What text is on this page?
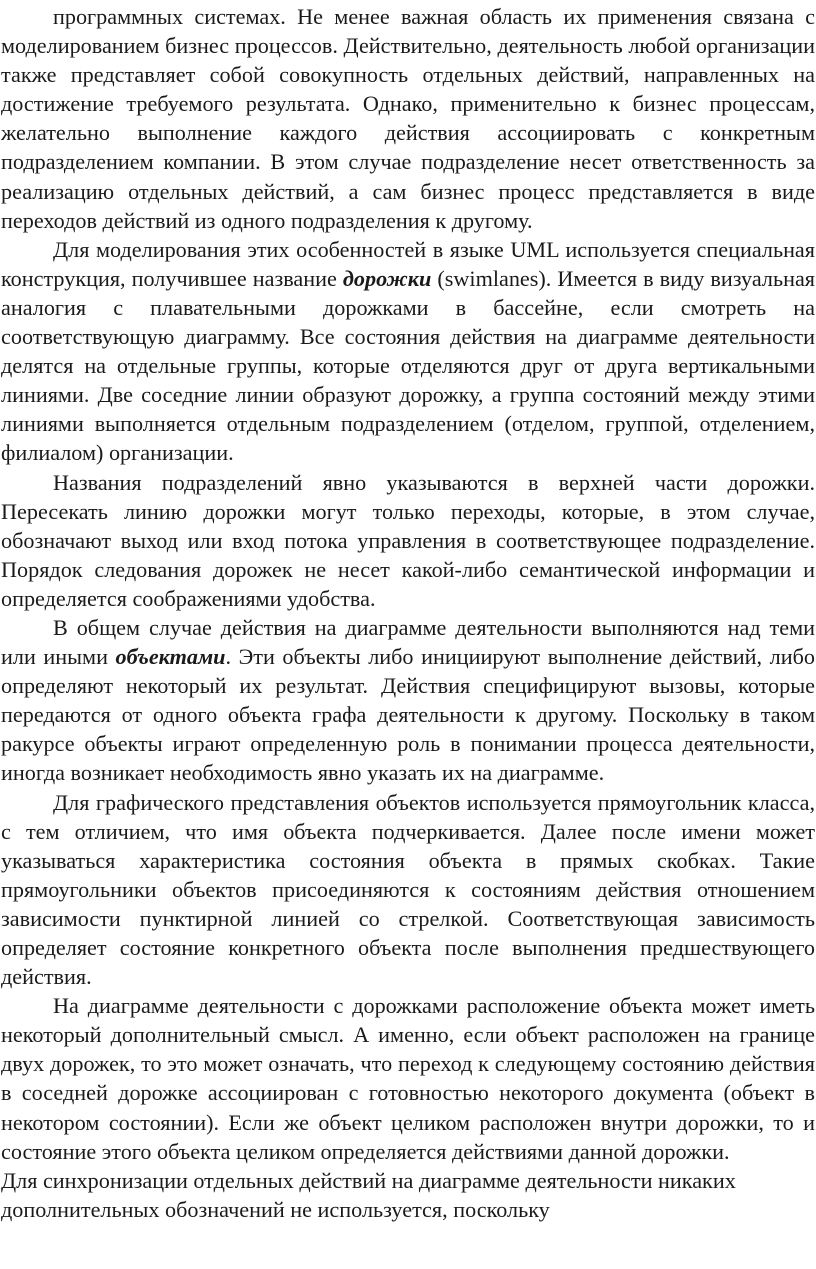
программных системах. Не менее важная область их применения связана с моделированием бизнес процессов. Действительно, деятельность любой организации также представляет собой совокупность отдельных действий, направленных на достижение требуемого результата. Однако, применительно к бизнес процессам, желательно выполнение каждого действия ассоциировать с конкретным подразделением компании. В этом случае подразделение несет ответственность за реализацию отдельных действий, а сам бизнес процесс представляется в виде переходов действий из одного подразделения к другому.

Для моделирования этих особенностей в языке UML используется специальная конструкция, получившее название дорожки (swimlanes). Имеется в виду визуальная аналогия с плавательными дорожками в бассейне, если смотреть на соответствующую диаграмму. Все состояния действия на диаграмме деятельности делятся на отдельные группы, которые отделяются друг от друга вертикальными линиями. Две соседние линии образуют дорожку, а группа состояний между этими линиями выполняется отдельным подразделением (отделом, группой, отделением, филиалом) организации.

Названия подразделений явно указываются в верхней части дорожки. Пересекать линию дорожки могут только переходы, которые, в этом случае, обозначают выход или вход потока управления в соответствующее подразделение. Порядок следования дорожек не несет какой-либо семантической информации и определяется соображениями удобства.

В общем случае действия на диаграмме деятельности выполняются над теми или иными объектами. Эти объекты либо инициируют выполнение действий, либо определяют некоторый их результат. Действия специфицируют вызовы, которые передаются от одного объекта графа деятельности к другому. Поскольку в таком ракурсе объекты играют определенную роль в понимании процесса деятельности, иногда возникает необходимость явно указать их на диаграмме.

Для графического представления объектов используется прямоугольник класса, с тем отличием, что имя объекта подчеркивается. Далее после имени может указываться характеристика состояния объекта в прямых скобках. Такие прямоугольники объектов присоединяются к состояниям действия отношением зависимости пунктирной линией со стрелкой. Соответствующая зависимость определяет состояние конкретного объекта после выполнения предшествующего действия.

На диаграмме деятельности с дорожками расположение объекта может иметь некоторый дополнительный смысл. А именно, если объект расположен на границе двух дорожек, то это может означать, что переход к следующему состоянию действия в соседней дорожке ассоциирован с готовностью некоторого документа (объект в некотором состоянии). Если же объект целиком расположен внутри дорожки, то и состояние этого объекта целиком определяется действиями данной дорожки.

Для синхронизации отдельных действий на диаграмме деятельности никаких дополнительных обозначений не используется, поскольку
